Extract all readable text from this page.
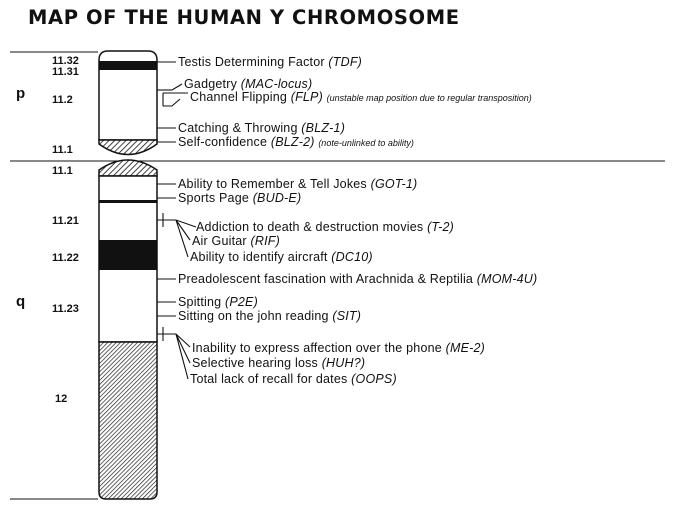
MAP OF THE HUMAN Y CHROMOSOME
p
q
11.32
11.31
11.2
11.1
11.1
11.21
11.22
11.23
12
Testis Determining Factor (TDF)
Gadgetry (MAC-locus)
Channel Flipping (FLP) (unstable map position due to regular transposition)
Catching & Throwing (BLZ-1)
Self-confidence (BLZ-2) (note-unlinked to ability)
Ability to Remember & Tell Jokes (GOT-1)
Sports Page (BUD-E)
Addiction to death & destruction movies (T-2)
Air Guitar (RIF)
Ability to identify aircraft (DC10)
Preadolescent fascination with Arachnida & Reptilia (MOM-4U)
Spitting (P2E)
Sitting on the john reading (SIT)
Inability to express affection over the phone (ME-2)
Selective hearing loss (HUH?)
Total lack of recall for dates (OOPS)
